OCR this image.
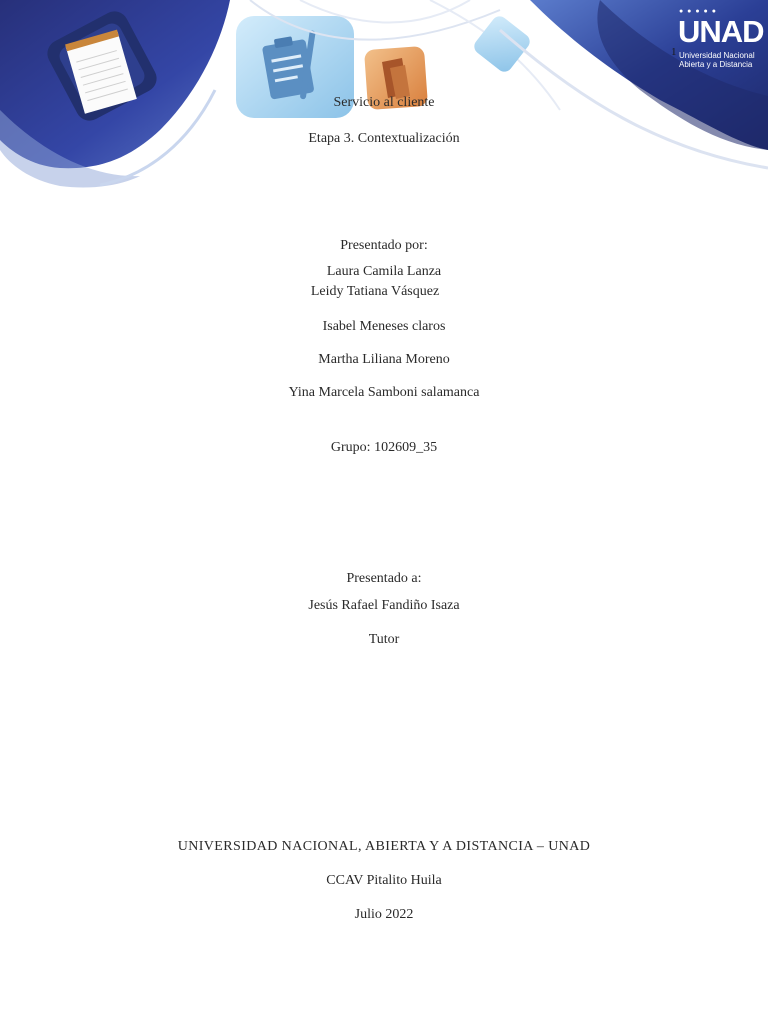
● ● ● ● ●
UNAD
Universidad Nacional
Abierta y a Distancia
1
Servicio al cliente
Etapa 3. Contextualización
Presentado por:
Laura Camila Lanza
Leidy Tatiana Vásquez
Isabel Meneses claros
Martha Liliana Moreno
Yina Marcela Samboni salamanca
Grupo: 102609_35
Presentado a:
Jesús Rafael Fandiño Isaza
Tutor
UNIVERSIDAD NACIONAL, ABIERTA Y A DISTANCIA – UNAD
CCAV Pitalito Huila
Julio 2022
